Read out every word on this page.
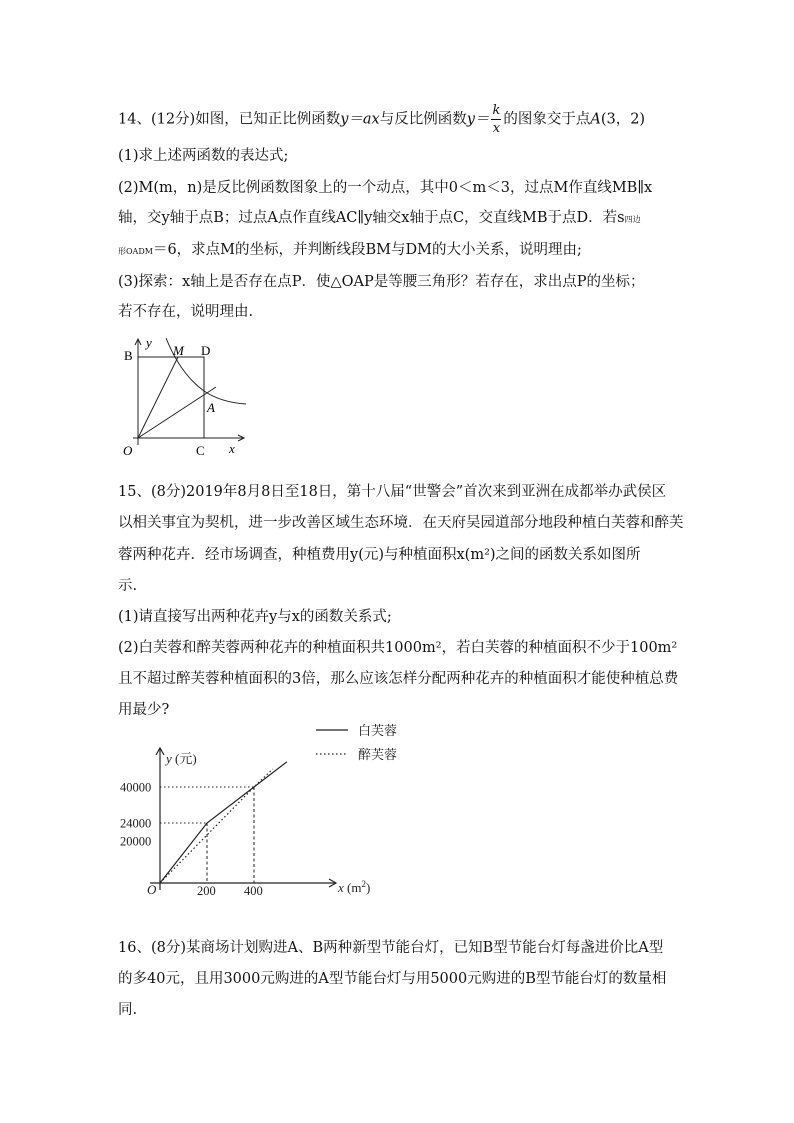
14、(12分)如图，已知正比例函数y＝ax与反比例函数$y= \frac{k}{x}$ 的图象交于点A(3，2)
(1)求上述两函数的表达式;
(2)M(m，n)是反比例函数图象上的一个动点，其中0＜m＜3，过点M作直线MB∥x
轴，交y轴于点B；过点A点作直线AC∥y轴交x轴于点C，交直线MB于点D．若s四边
形OADM＝6，求点M的坐标，并判断线段BM与DM的大小关系，说明理由;
(3)探索：x轴上是否存在点P．使△OAP是等腰三角形？若存在，求出点P的坐标；
若不存在，说明理由.
y
B	M D
A
O	C x
15、(8分)2019年8月8日至18日，第十八届“世警会”首次来到亚洲在成都举办武侯区
以相关事宜为契机，进一步改善区域生态环境．在天府吴园道部分地段种植白芙蓉和醉芙
蓉两种花卉．经市场调查，种植费用y(元)与种植面积x(m²)之间的函数关系如图所
示.
(1)请直接写出两种花卉y与x的函数关系式;
(2)白芙蓉和醉芙蓉两种花卉的种植面积共1000m²，若白芙蓉的种植面积不少于100m²
且不超过醉芙蓉种植面积的3倍，那么应该怎样分配两种花卉的种植面积才能使种植总费
用最少?
白芙蓉
醉芙蓉
y (元)
x $(m^2)$
O
40000
24000
20000
200 400
16、(8分)某商场计划购进A、B两种新型节能台灯，已知B型节能台灯每盏进价比A型
的多40元，且用3000元购进的A型节能台灯与用5000元购进的B型节能台灯的数量相
同.
